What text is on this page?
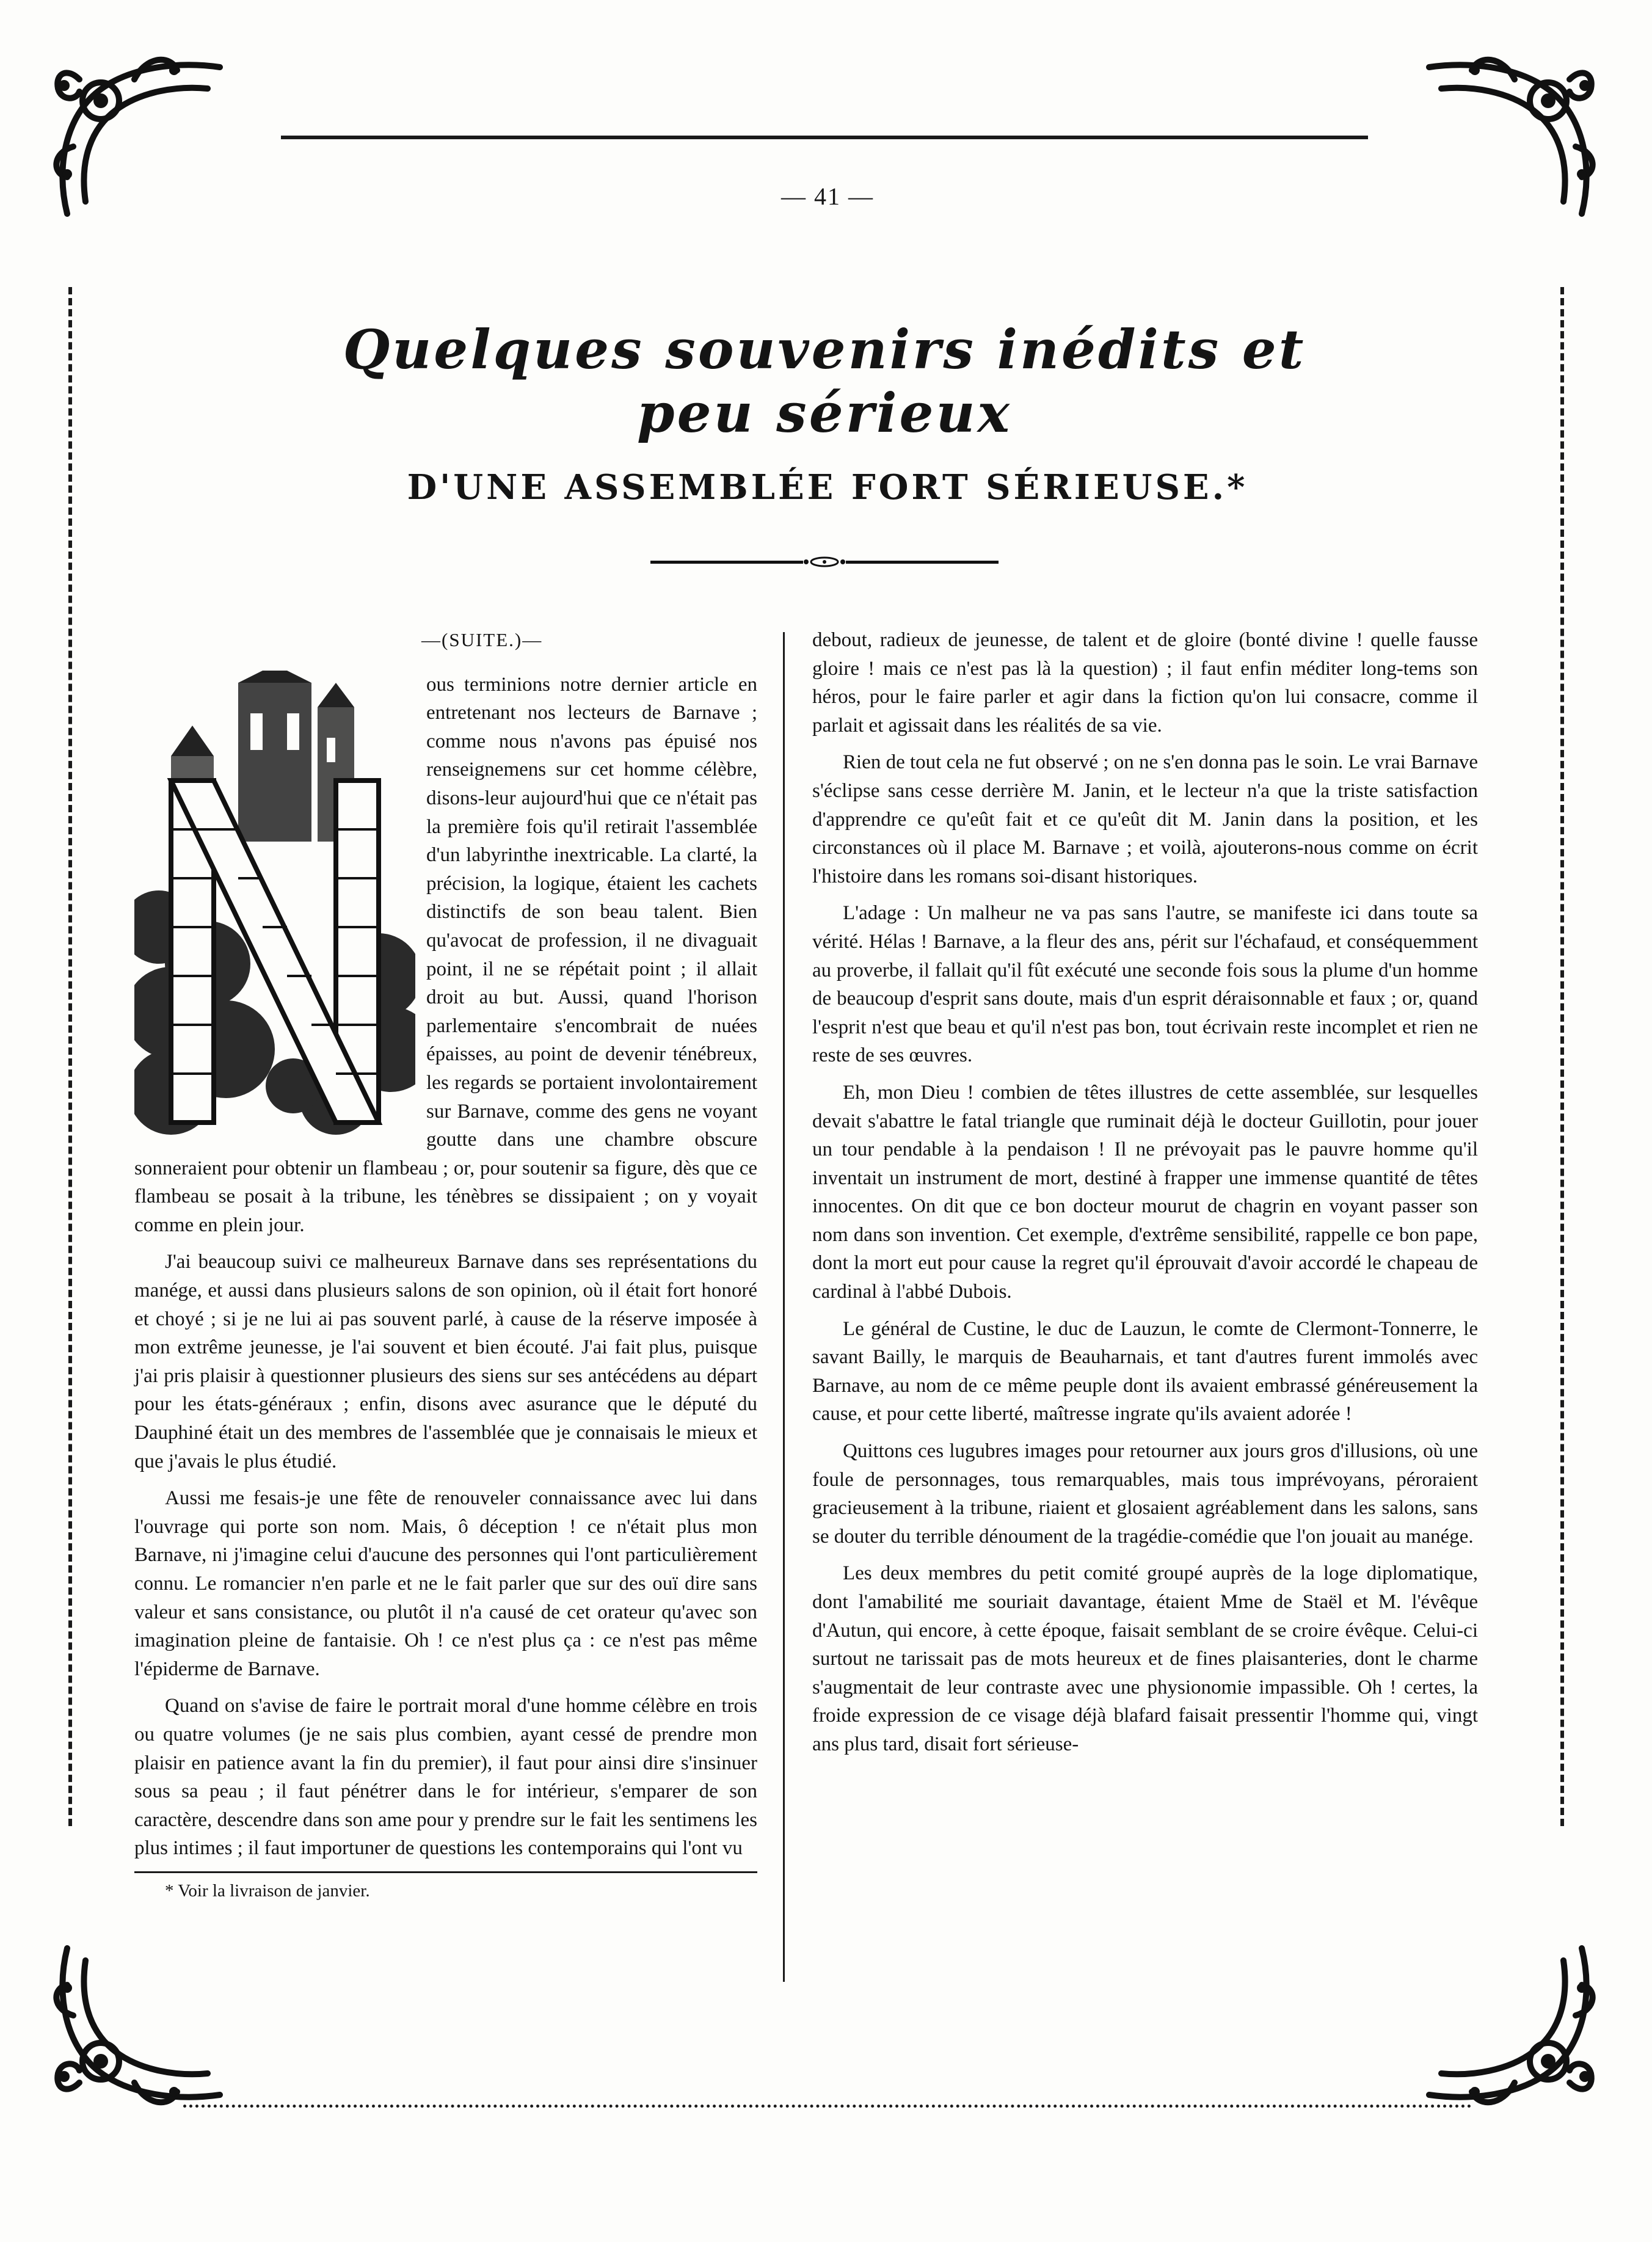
— 41 —
Quelques souvenirs inédits et peu sérieux
D'UNE ASSEMBLÉE FORT SÉRIEUSE.*
—(SUITE.)—

ous terminions notre dernier article en entretenant nos lecteurs de Barnave ; comme nous n'avons pas épuisé nos renseignemens sur cet homme célèbre, disons-leur aujourd'hui que ce n'était pas la première fois qu'il retirait l'assemblée d'un labyrinthe inextricable. La clarté, la précision, la logique, étaient les cachets distinctifs de son beau talent. Bien qu'avocat de profession, il ne divaguait point, il ne se répétait point ; il allait droit au but. Aussi, quand l'horison parlementaire s'encombrait de nuées épaisses, au point de devenir ténébreux, les regards se portaient involontairement sur Barnave, comme des gens ne voyant goutte dans une chambre obscure sonneraient pour obtenir un flambeau ; or, pour soutenir sa figure, dès que ce flambeau se posait à la tribune, les ténèbres se dissipaient ; on y voyait comme en plein jour.

J'ai beaucoup suivi ce malheureux Barnave dans ses représentations du manége, et aussi dans plusieurs salons de son opinion, où il était fort honoré et choyé ; si je ne lui ai pas souvent parlé, à cause de la réserve imposée à mon extrême jeunesse, je l'ai souvent et bien écouté. J'ai fait plus, puisque j'ai pris plaisir à questionner plusieurs des siens sur ses antécédens au départ pour les états-généraux ; enfin, disons avec asurance que le député du Dauphiné était un des membres de l'assemblée que je connaisais le mieux et que j'avais le plus étudié.

Aussi me fesais-je une fête de renouveler connaissance avec lui dans l'ouvrage qui porte son nom. Mais, ô déception ! ce n'était plus mon Barnave, ni j'imagine celui d'aucune des personnes qui l'ont particulièrement connu. Le romancier n'en parle et ne le fait parler que sur des ouï dire sans valeur et sans consistance, ou plutôt il n'a causé de cet orateur qu'avec son imagination pleine de fantaisie. Oh ! ce n'est plus ça : ce n'est pas même l'épiderme de Barnave.

Quand on s'avise de faire le portrait moral d'une homme célèbre en trois ou quatre volumes (je ne sais plus combien, ayant cessé de prendre mon plaisir en patience avant la fin du premier), il faut pour ainsi dire s'insinuer sous sa peau ; il faut pénétrer dans le for intérieur, s'emparer de son caractère, descendre dans son ame pour y prendre sur le fait les sentimens les plus intimes ; il faut importuner de questions les contemporains qui l'ont vu

* Voir la livraison de janvier.

debout, radieux de jeunesse, de talent et de gloire (bonté divine ! quelle fausse gloire ! mais ce n'est pas là la question) ; il faut enfin méditer long-tems son héros, pour le faire parler et agir dans la fiction qu'on lui consacre, comme il parlait et agissait dans les réalités de sa vie.

Rien de tout cela ne fut observé ; on ne s'en donna pas le soin. Le vrai Barnave s'éclipse sans cesse derrière M. Janin, et le lecteur n'a que la triste satisfaction d'apprendre ce qu'eût fait et ce qu'eût dit M. Janin dans la position, et les circonstances où il place M. Barnave ; et voilà, ajouterons-nous comme on écrit l'histoire dans les romans soi-disant historiques.

L'adage : Un malheur ne va pas sans l'autre, se manifeste ici dans toute sa vérité. Hélas ! Barnave, a la fleur des ans, périt sur l'échafaud, et conséquemment au proverbe, il fallait qu'il fût exécuté une seconde fois sous la plume d'un homme de beaucoup d'esprit sans doute, mais d'un esprit déraisonnable et faux ; or, quand l'esprit n'est que beau et qu'il n'est pas bon, tout écrivain reste incomplet et rien ne reste de ses œuvres.

Eh, mon Dieu ! combien de têtes illustres de cette assemblée, sur lesquelles devait s'abattre le fatal triangle que ruminait déjà le docteur Guillotin, pour jouer un tour pendable à la pendaison ! Il ne prévoyait pas le pauvre homme qu'il inventait un instrument de mort, destiné à frapper une immense quantité de têtes innocentes. On dit que ce bon docteur mourut de chagrin en voyant passer son nom dans son invention. Cet exemple, d'extrême sensibilité, rappelle ce bon pape, dont la mort eut pour cause la regret qu'il éprouvait d'avoir accordé le chapeau de cardinal à l'abbé Dubois.

Le général de Custine, le duc de Lauzun, le comte de Clermont-Tonnerre, le savant Bailly, le marquis de Beauharnais, et tant d'autres furent immolés avec Barnave, au nom de ce même peuple dont ils avaient embrassé généreusement la cause, et pour cette liberté, maîtresse ingrate qu'ils avaient adorée !

Quittons ces lugubres images pour retourner aux jours gros d'illusions, où une foule de personnages, tous remarquables, mais tous imprévoyans, péroraient gracieusement à la tribune, riaient et glosaient agréablement dans les salons, sans se douter du terrible dénoument de la tragédie-comédie que l'on jouait au manége.

Les deux membres du petit comité groupé auprès de la loge diplomatique, dont l'amabilité me souriait davantage, étaient Mme de Staël et M. l'évêque d'Autun, qui encore, à cette époque, faisait semblant de se croire évêque. Celui-ci surtout ne tarissait pas de mots heureux et de fines plaisanteries, dont le charme s'augmentait de leur contraste avec une physionomie impassible. Oh ! certes, la froide expression de ce visage déjà blafard faisait pressentir l'homme qui, vingt ans plus tard, disait fort sérieuse-
